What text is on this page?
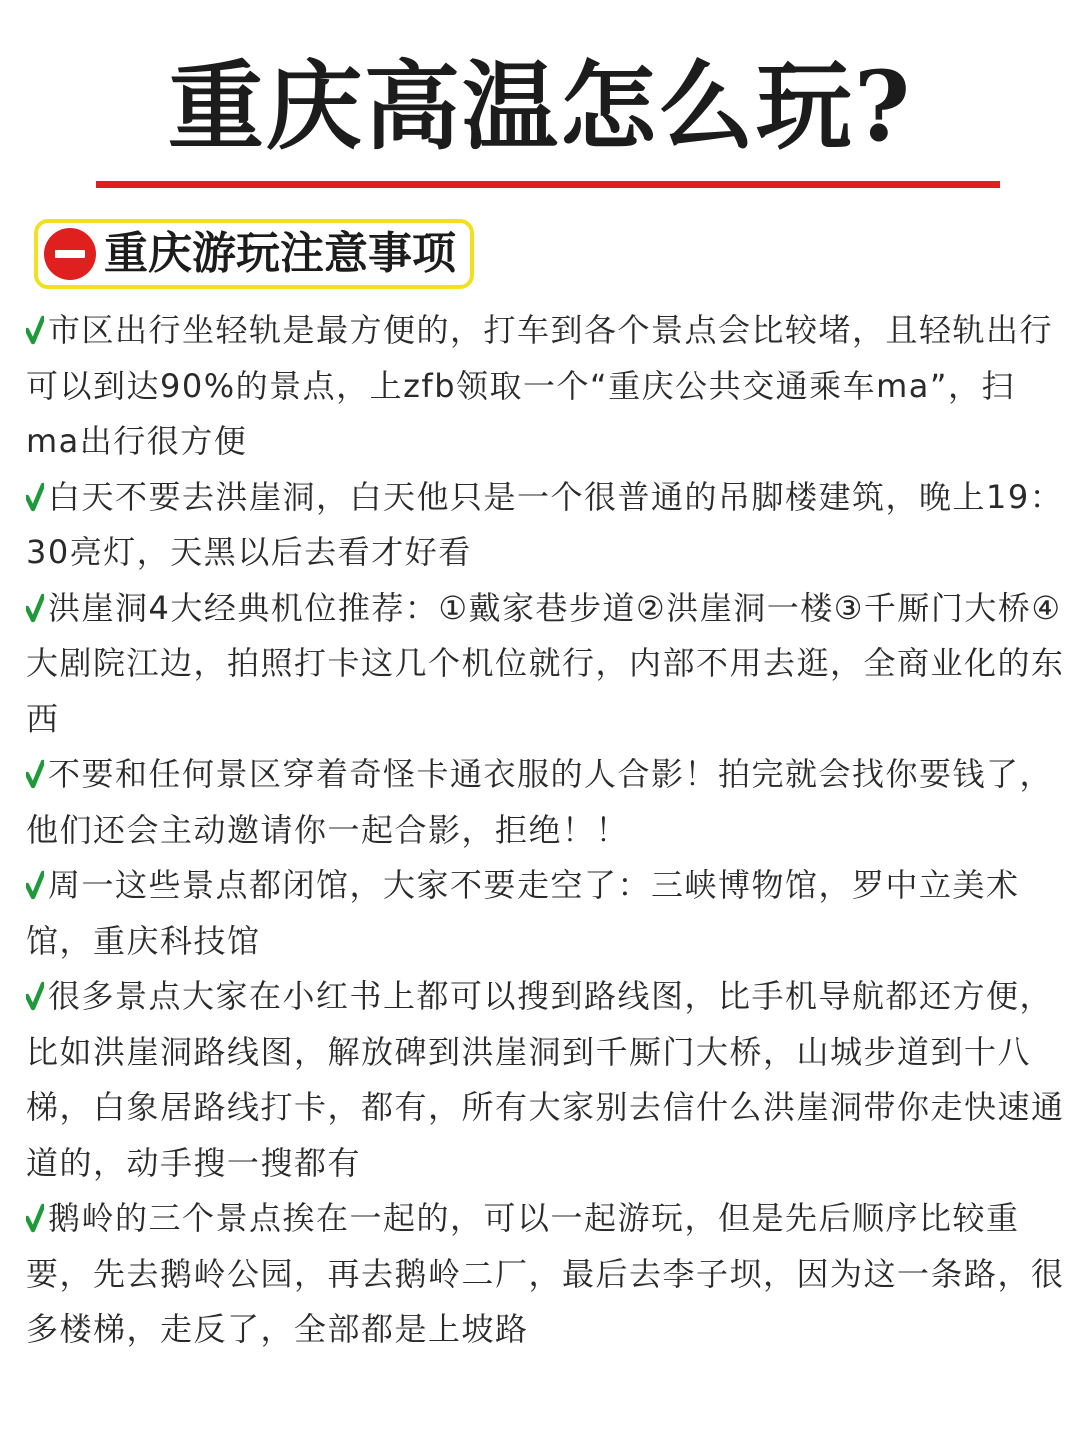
重庆高温怎么玩?
重庆游玩注意事项
市区出行坐轻轨是最方便的，打车到各个景点会比较堵，且轻轨出行可以到达90%的景点，上zfb领取一个“重庆公共交通乘车ma”，扫ma出行很方便
白天不要去洪崖洞，白天他只是一个很普通的吊脚楼建筑，晚上19：30亮灯，天黑以后去看才好看
洪崖洞4大经典机位推荐：①戴家巷步道②洪崖洞一楼③千厮门大桥④大剧院江边，拍照打卡这几个机位就行，内部不用去逛，全商业化的东西
不要和任何景区穿着奇怪卡通衣服的人合影！拍完就会找你要钱了，他们还会主动邀请你一起合影，拒绝！！
周一这些景点都闭馆，大家不要走空了：三峡博物馆，罗中立美术馆，重庆科技馆
很多景点大家在小红书上都可以搜到路线图，比手机导航都还方便，比如洪崖洞路线图，解放碑到洪崖洞到千厮门大桥，山城步道到十八梯，白象居路线打卡，都有，所有大家别去信什么洪崖洞带你走快速通道的，动手搜一搜都有
鹅岭的三个景点挨在一起的，可以一起游玩，但是先后顺序比较重要，先去鹅岭公园，再去鹅岭二厂，最后去李子坝，因为这一条路，很多楼梯，走反了，全部都是上坡路
